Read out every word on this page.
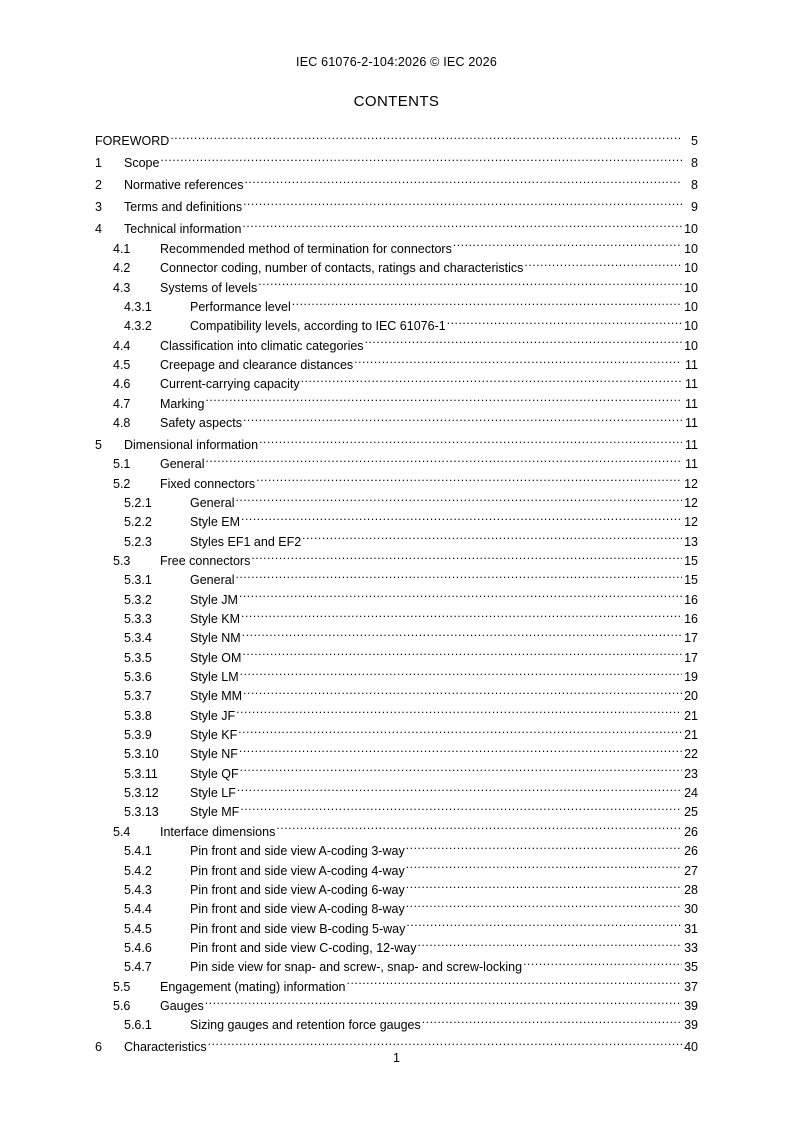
IEC 61076-2-104:2026 © IEC 2026
CONTENTS
FOREWORD .....	5
1	Scope .....	8
2	Normative references .....	8
3	Terms and definitions .....	9
4	Technical information .....	10
4.1	Recommended method of termination for connectors .....	10
4.2	Connector coding, number of contacts, ratings and characteristics .....	10
4.3	Systems of levels .....	10
4.3.1	Performance level .....	10
4.3.2	Compatibility levels, according to IEC 61076-1 .....	10
4.4	Classification into climatic categories .....	10
4.5	Creepage and clearance distances .....	11
4.6	Current-carrying capacity .....	11
4.7	Marking .....	11
4.8	Safety aspects .....	11
5	Dimensional information .....	11
5.1	General .....	11
5.2	Fixed connectors .....	12
5.2.1	General .....	12
5.2.2	Style EM .....	12
5.2.3	Styles EF1 and EF2 .....	13
5.3	Free connectors .....	15
5.3.1	General .....	15
5.3.2	Style JM .....	16
5.3.3	Style KM .....	16
5.3.4	Style NM .....	17
5.3.5	Style OM .....	17
5.3.6	Style LM .....	19
5.3.7	Style MM .....	20
5.3.8	Style JF .....	21
5.3.9	Style KF .....	21
5.3.10	Style NF .....	22
5.3.11	Style QF .....	23
5.3.12	Style LF .....	24
5.3.13	Style MF .....	25
5.4	Interface dimensions .....	26
5.4.1	Pin front and side view A-coding 3-way .....	26
5.4.2	Pin front and side view A-coding 4-way .....	27
5.4.3	Pin front and side view A-coding 6-way .....	28
5.4.4	Pin front and side view A-coding 8-way .....	30
5.4.5	Pin front and side view B-coding 5-way .....	31
5.4.6	Pin front and side view C-coding, 12-way .....	33
5.4.7	Pin side view for snap- and screw-, snap- and screw-locking .....	35
5.5	Engagement (mating) information .....	37
5.6	Gauges .....	39
5.6.1	Sizing gauges and retention force gauges .....	39
6	Characteristics .....	40
1
